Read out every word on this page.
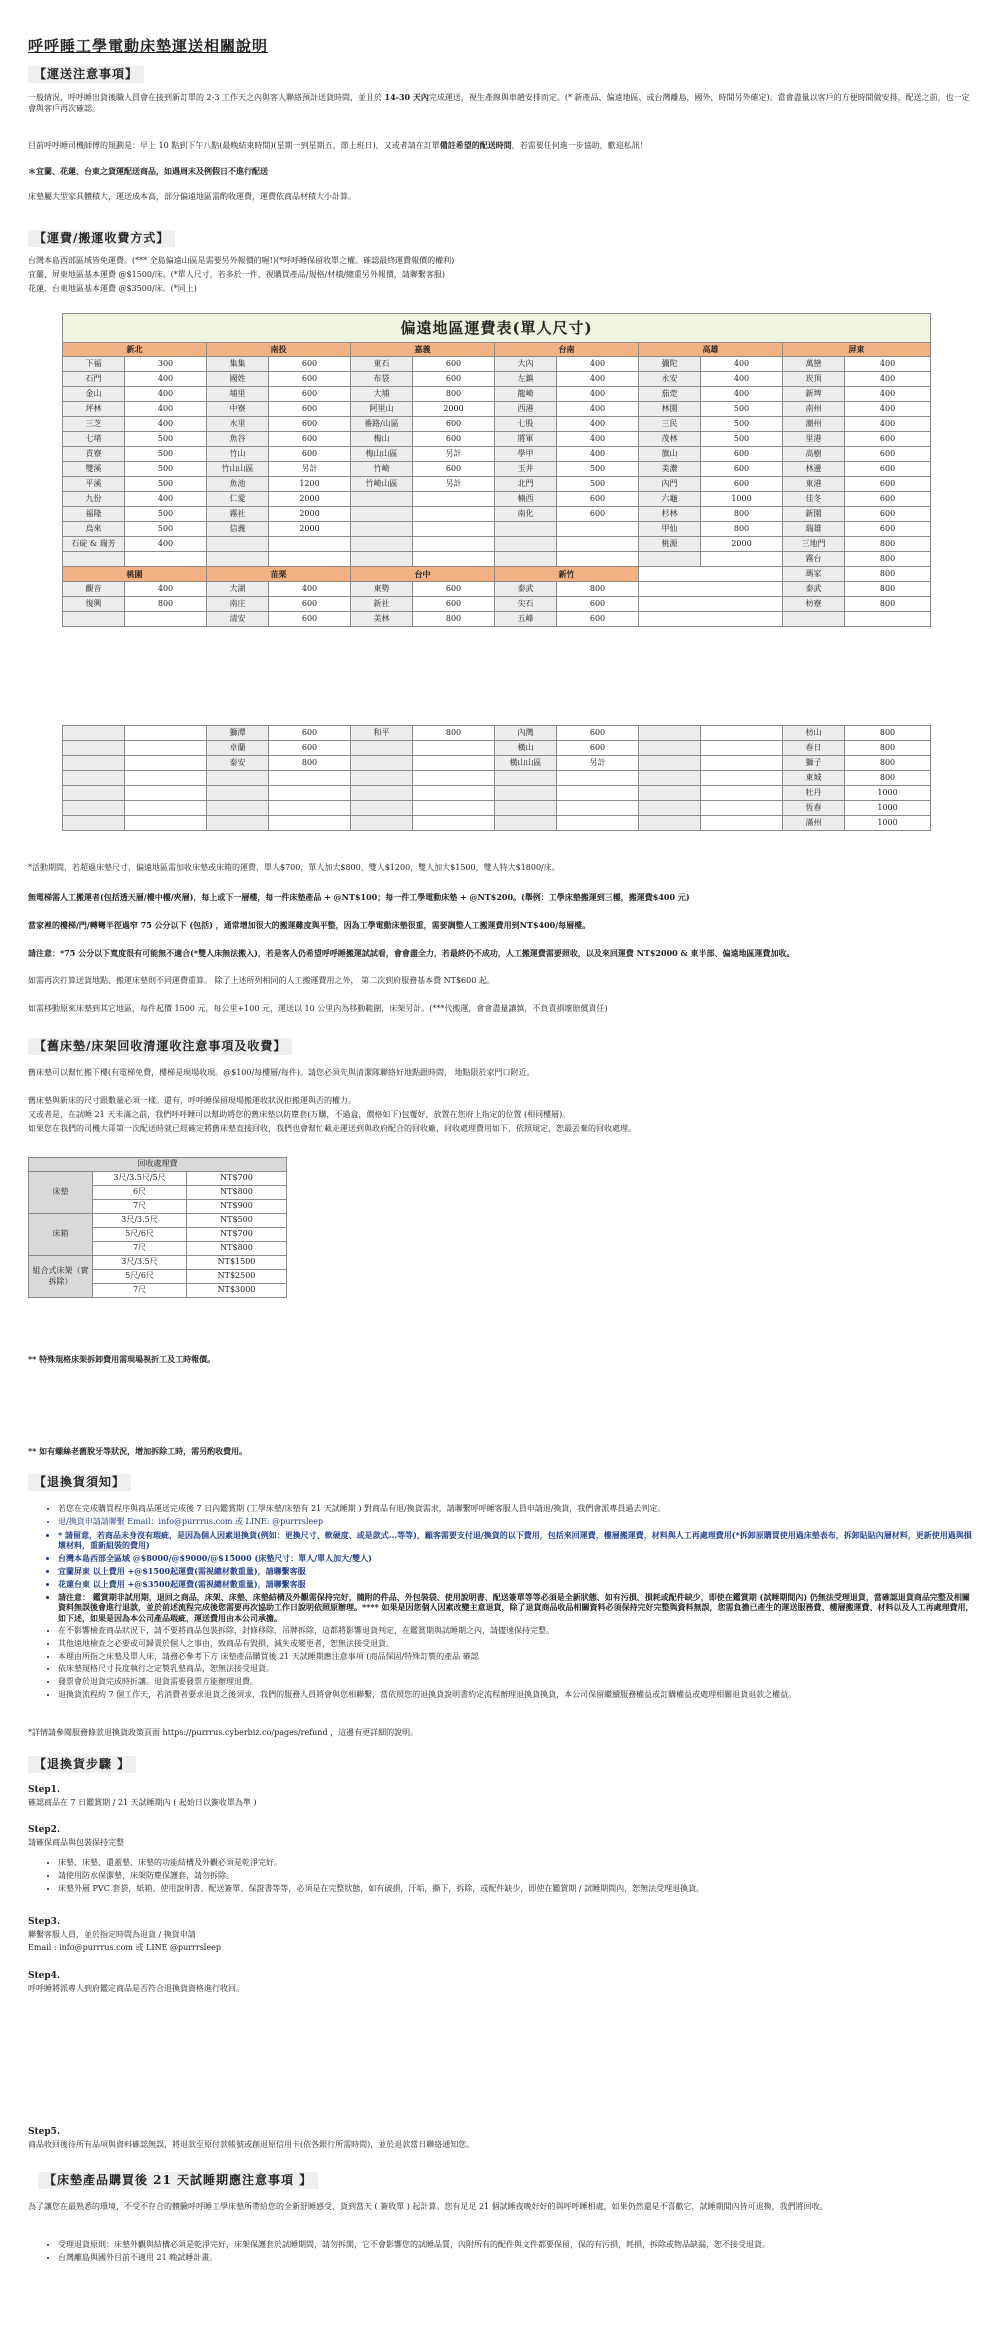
呼呼睡工學電動床墊運送相關說明
【運送注意事項】

一般情況，呼呼睡出貨後職人員會在接到新訂單的 2-3 工作天之內與客人聯絡預計送貨時間，並且於 14-30 天內完成運送，視生產線與車趟安排而定。(* 新產品、偏遠地區、或台灣離島，國外，時間另外確定)。當會盡量以客戶的方便時間做安排，配送之前，也一定會與客戶再次確認。

目前呼呼睡司機師傅的規劃是：早上 10 點到下午八點(最晚結束時間)(星期一到星期五，節上班日)，又或者請在訂單備註希望的配送時間，若需要任何進一步協助，歡迎私訊！

＊宜蘭、花蓮、台東之貨運配送商品，如遇周末及例假日不進行配送

床墊屬大型家具體積大，運送成本高，部分偏遠地區需酌收運費，運費依商品材積大小計算。

【運費/搬運收費方式】

台灣本島西部區域皆免運費。(*** 全島偏遠山區是需要另外報價的喔!)(*呼呼睡保留收單之權。確認最終運費報價的權利)

宜蘭、屏東地區基本運費 @$1500/床。(*單人尺寸，若多於一件，視購買產品/規格/材積/總重另外報價，請聯繫客服)

花蓮、台東地區基本運費 @$3500/床。(*同上)

偏遠地區運費表(單人尺寸)											
新北		南投		嘉義		台南		高雄		屏東	
下福	300	集集	600	東石	600	大內	400	彌陀	400	萬巒	400
石門	400	國姓	600	布袋	600	左鎮	400	永安	400	崁頂	400
金山	400	埔里	600	大埔	800	龍崎	400	茄萣	400	新埤	400
坪林	400	中寮	600	阿里山	2000	西港	400	林園	500	南州	400
三芝	400	水里	600	番路/山區	600	七股	400	三民	500	潮州	400
七堵	500	魚谷	600	梅山	600	將軍	400	茂林	500	里港	600
貢寮	500	竹山	600	梅山山區	另計	學甲	400	旗山	600	高樹	600
雙溪	500	竹山山區	另計	竹崎	600	玉井	500	美濃	600	林邊	600
平溪	500	魚池	1200	竹崎山區	另計	北門	500	內門	600	東港	600
九份	400	仁愛	2000			楠西	600	六龜	1000	佳冬	600
福隆	500	霧社	2000			南化	600	杉林	800	新園	600
烏來	500	信義	2000					甲仙	800	瑞雄	600
石碇 & 瑞芳	400							桃源	2000	三地門	800
										霧台	800
桃園		苗栗		台中		新竹				瑪家	800
觀音	400	大湖	400	東勢	600	泰武	800			泰武	800
復興	800	南庄	600	新社	600	尖石	600			枋寮	800
		清安	600	美林	800	五峰	600				
		獅潭	600	和平	800	內灣	600			枋山	800
		卓蘭	600			橫山	600			春日	800
		泰安	800			橫山山區	另計			獅子	800
										東城	800
										牡丹	1000
										恆春	1000
										滿州	1000

*活動期間，若超過床墊尺寸，偏遠地區需加收床墊或床箱的運費，單人$700，單人加大$800，雙人$1200，雙人加大$1500，雙人特大$1800/床。

無電梯需人工搬運者(包括透天層/樓中樓/夾層)，每上或下一層樓，每一件床墊產品 + @NT$100；每一件工學電動床墊 + @NT$200。(舉例：工學床墊搬運到三樓，搬運費$400 元)

當家裡的樓梯/門/轉彎半徑過窄 75 公分以下 (包括) ，通常增加很大的搬運難度與平整，因為工學電動床墊很重，需要調整人工搬運費用到NT$400/每層樓。

請注意：*75 公分以下寬度很有可能無不適合(*雙人床無法搬入)，若是客人仍希望呼呼睡搬運試試看，會會盡全力，若最終仍不成功，人工搬運費需要照收，以及來回運費 NT$2000 & 東半部、偏遠地區運費加收。

如需再次打算送貨地點、搬運床墊則不同運費重算。 除了上述所列相同的人工搬運費用之外， 第二次到府服務基本費 NT$600 起。

如需移動原來床墊到其它地區，每件起價 1500 元，每公里+100 元，運送以 10 公里內為移動範圍，床架另計。(***代搬運，會會盡量讓慎，不負責損壞賠償責任)

【舊床墊/床架回收清運收注意事項及收費】

舊床墊可以幫忙搬下樓(有電梯免費，樓梯是現場收現。@$100/每樓層/每件)。請您必須先與清潔隊聯絡好地點跟時間， 地點限於家門口附近。

舊床墊與新床的尺寸跟數量必須一樣。還有，呼呼睡保留現場搬運收狀況拒搬運與否的權力。

又或者是，在試睡 21 天未滿之前，我們呼呼睡可以幫助將您的舊床墊以防塵套(万購，不過盒，價格如下)包覆好，放置在您府上指定的位置 (相同樓層)。

如果您在我們的司機大哥第一次配送時就已經確定將舊床墊直接回收，我們也會幫忙載走運送到與政府配合的回收廠，回收處理費用如下，依照規定，恕最丟棄的回收處理。

回收處理費		
床墊	3尺/3.5尺/5尺	NT$700
	6尺	NT$800
	7尺	NT$900
床箱	3尺/3.5尺	NT$500
	5尺/6尺	NT$700
	7尺	NT$800
組合式床架（實拆除）	3尺/3.5尺	NT$1500
	5尺/6尺	NT$2500
	7尺	NT$3000

** 特殊規格床架拆卸費用需現場視折工及工時報價。

** 如有螺絲老舊脫牙等狀況，增加拆除工時，需另酌收費用。

【退換貨須知】
• 若您在完成購買程序與商品運送完成後 7 日內鑑賞期 (工學床墊/床墊有 21 天試睡期 ) 對商品有退/換貨需求，請聯繫呼呼睡客服人員申請退/換貨，我們會派專員過去判定。
• 退/換貨申請請聯繫 Email：info@purrrus.com 或 LINE: @purrrsleep
• * 請留意，若商品未身沒有瑕疵，是因為個人因素退換貨(例如：更換尺寸、軟硬度、或是款式...等等)，顧客需要支付退/換貨的以下費用，包括來回運費，樓層搬運費，材料與人工再處理費用(*拆卸原購買使用過床墊表布，拆卸貼貼內層材料，更新使用過與損壞材料，重新組裝的費用)
• 台灣本島西部全區域 @$8000/@$9000/@$15000 (床墊尺寸：單人/單人加大/雙人)
• 宜蘭屏東 以上費用 +@$1500起運費(需視總材數重量)，請聯繫客服
• 花蓮台東 以上費用 +@$3500起運費(需視總材數重量)，請聯繫客服
• 請注意： 鑑賞期非試用期，退回之商品，床架、床墊、床墊結構及外觀需保持完好，隨附的件品、外包裝袋、使用說明書、配送簽單等等必須是全新狀態、如有污損、損耗或配件缺少，即使在鑑賞期 (試睡期間內) 仍無法受理退貨，當確認退貨商品完整及相關資料無誤後會進行退款，並於前述流程完成後您需要再次協助工作日說明依照原辦理。**** 如果是因您個人因素改變主意退貨，除了退貨商品收品相關資料必須保持完好完整與資料無誤，您需負擔已產生的運送服務費、樓層搬運費、材料以及人工再處理費用，如下述，如果是因為本公司產品瑕疵，運送費用由本公司承擔。
• 在不影響檢查商品狀況下，請不要將商品包裝拆除，封條移除，吊牌拆除，這都將影響退貨判定，在鑑賞期與試睡期之內，請儘速保持完整。
• 其他遠地檢查之必要或可歸責於個人之事由，致商品有毀損，減失或變更者，恕無法接受退貨。
• 本理由所指之床墊及單人床，請務必參考下方 床墊產品購買後 21 天試睡期應注意事項 (商品保固/特殊訂製的產品 確認
• 依床墊規格尺寸長度執行之定製乳墊商品，恕無法接受退貨。
• 發票會於退貨完成時折讓。退貨需要發票方能辦理退費。
• 退換貨流程約 7 個工作天，若消費者要求退貨之後須求，我們的服務人員將會與您相聯繫，當依照您的退換貨說明書約定流程辦理退換貨換貨，本公司保留繼續服務權益或訂購權益或處理相關退貨退款之權益。

*詳情請參閱服務條款退換貨政策頁面 https://purrrus.cyberbiz.co/pages/refund ，這邊有更詳細的說明。

【退換貨步驟 】
Step1.

確認商品在 7 日鑑賞期 / 21 天試睡期內 ( 起始日以簽收單為準 )

Step2.

請確保商品與包裝保持完整

• 床墊、床墊、還蓋墊、床墊的功能結構及外觀必須是乾淨完好。
• 請使用防水保潔墊，床架防塵保護套，請勿拆除。
• 床墊外層 PVC 套袋，紙箱、使用說明書、配送簽單、保證書等等，必須是在完整狀態，如有破損，汙垢，撕下，拆除，或配件缺少，即使在鑑賞期 / 試睡期間內，恕無法受理退換貨。
Step3.

聯繫客服人員，並於指定時間為退貨 / 換貨申請

Email : info@purrrus.com 或 LINE @purrrsleep

Step4.

呼呼睡將派專人到府鑑定商品是否符合退換貨資格進行收回。

Step5.

商品收回後待所有品項與資料確認無誤，將退款至原付款帳號或創退原信用卡(依各銀行所需時間)，並於退款當日聯絡通知您。

【床墊產品購買後 21 天試睡期應注意事項 】

為了讓您在最熟悉的環境，不受不存合的體驗呼呼睡工學床墊所帶給您的全新舒睡感受，貨到當天 ( 簽收單 ) 起計算。您有足足 21 個試睡夜晚好好的與呼呼睡相處，如果仍然還是不喜歡它，試睡期間內皆可退換，我們將回收。

• 受理退貨原則：床墊外觀與結構必須是乾淨完好，床架保護套於試睡期間，請勿拆開，它不會影響您的試睡品質，內附所有的配件與文件都要保留，保的有污損，耗損，拆除或物品缺漏，恕不接受退貨。
• 台灣離島與國外目前不適用 21 晚試睡計畫。
